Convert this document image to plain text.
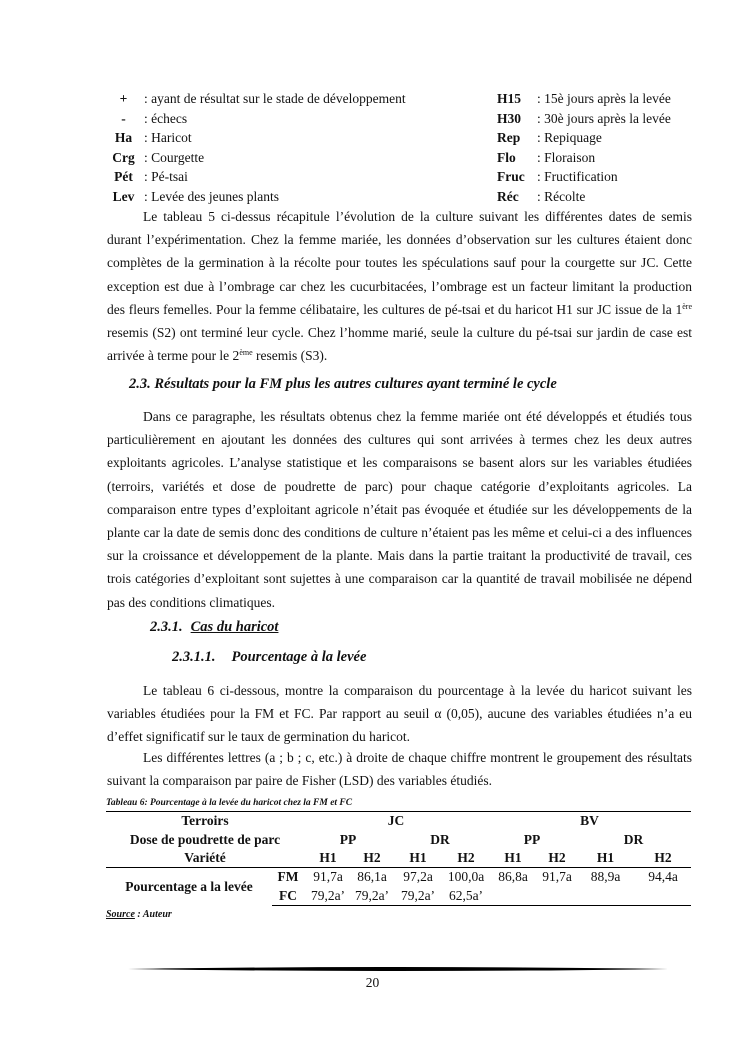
+	: ayant de résultat sur le stade de développement	H15 : 15è jours après la levée
-	: échecs	H30 : 30è jours après la levée
Ha : Haricot	Rep : Repiquage
Crg : Courgette	Flo : Floraison
Pét : Pé-tsai	Fruc : Fructification
Lev : Levée des jeunes plants	Réc : Récolte

Le tableau 5 ci-dessus récapitule l’évolution de la culture suivant les différentes dates de semis durant l’expérimentation. Chez la femme mariée, les données d’observation sur les cultures étaient donc complètes de la germination à la récolte pour toutes les spéculations sauf pour la courgette sur JC. Cette exception est due à l’ombrage car chez les cucurbitacées, l’ombrage est un facteur limitant la production des fleurs femelles. Pour la femme célibataire, les cultures de pé-tsai et du haricot H1 sur JC issue de la 1ère resemis (S2) ont terminé leur cycle. Chez l’homme marié, seule la culture du pé-tsai sur jardin de case est arrivée à terme pour le 2ème resemis (S3).

2.3. Résultats pour la FM plus les autres cultures ayant terminé le cycle

Dans ce paragraphe, les résultats obtenus chez la femme mariée ont été développés et étudiés tous particulièrement en ajoutant les données des cultures qui sont arrivées à termes chez les deux autres exploitants agricoles. L’analyse statistique et les comparaisons se basent alors sur les variables étudiées (terroirs, variétés et dose de poudrette de parc) pour chaque catégorie d’exploitants agricoles. La comparaison entre types d’exploitant agricole n’était pas évoquée et étudiée sur les développements de la plante car la date de semis donc des conditions de culture n’étaient pas les même et celui-ci a des influences sur la croissance et développement de la plante. Mais dans la partie traitant la productivité de travail, ces trois catégories d’exploitant sont sujettes à une comparaison car la quantité de travail mobilisée ne dépend pas des conditions climatiques.

2.3.1. Cas du haricot

2.3.1.1. Pourcentage à la levée

Le tableau 6 ci-dessous, montre la comparaison du pourcentage à la levée du haricot suivant les variables étudiées pour la FM et FC. Par rapport au seuil α (0,05), aucune des variables étudiées n’a eu d’effet significatif sur le taux de germination du haricot.

Les différentes lettres (a ; b ; c, etc.) à droite de chaque chiffre montrent le groupement des résultats suivant la comparaison par paire de Fisher (LSD) des variables étudiés.

Tableau 6: Pourcentage à la levée du haricot chez la FM et FC
Terroirs		JC				BV			
Dose de poudrette de parc		PP		DR		PP		DR	
Variété		H1	H2	H1	H2	H1	H2	H1	H2
Pourcentage a la levée	FM	91,7a	86,1a	97,2a	100,0a	86,8a	91,7a	88,9a	94,4a
	FC	79,2a’	79,2a’	79,2a’	62,5a’				
Source : Auteur
20
